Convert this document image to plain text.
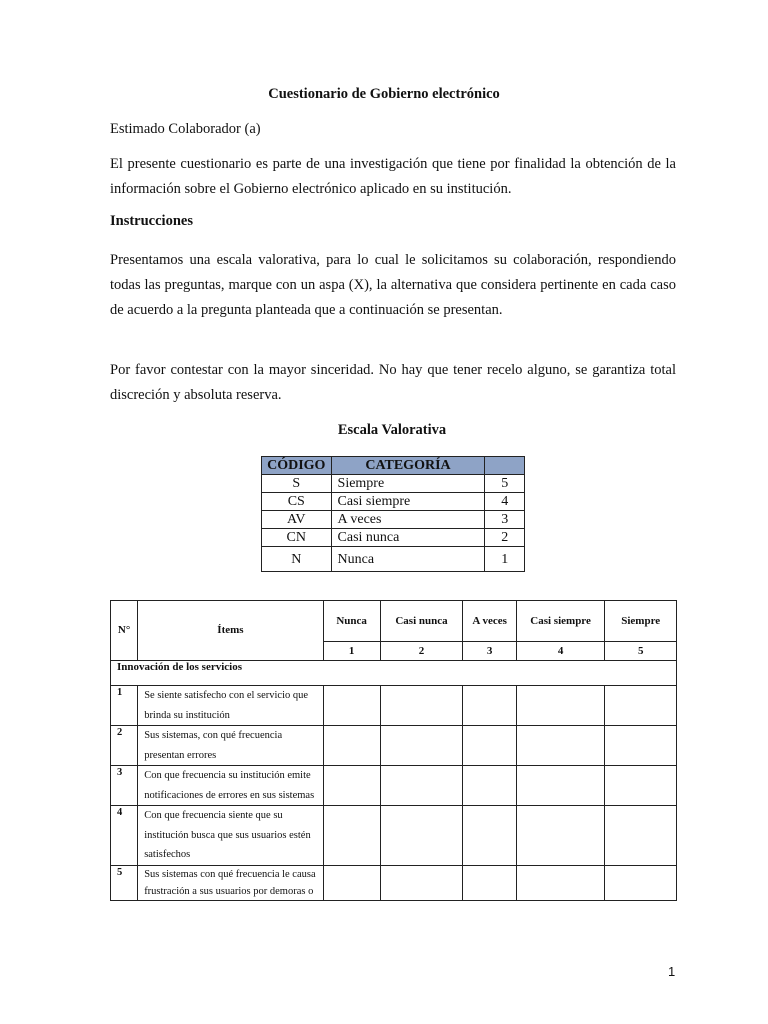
Cuestionario de Gobierno electrónico
Estimado Colaborador (a)
El presente cuestionario es parte de una investigación que tiene por finalidad la obtención de la información sobre el Gobierno electrónico aplicado en su institución.
Instrucciones
Presentamos una escala valorativa, para lo cual le solicitamos su colaboración, respondiendo todas las preguntas, marque con un aspa (X), la alternativa que considera pertinente en cada caso de acuerdo a la pregunta planteada que a continuación se presentan.
Por favor contestar con la mayor sinceridad. No hay que tener recelo alguno, se garantiza total discreción y absoluta reserva.
Escala Valorativa
CÓDIGO	CATEGORÍA	
S	Siempre	5
CS	Casi siempre	4
AV	A veces	3
CN	Casi nunca	2
N	Nunca	1
N°	Ítems	Nunca	Casi nunca	A veces	Casi siempre	Siempre
		1	2	3	4	5
Innovación de los servicios						
1	Se siente satisfecho con el servicio que brinda su institución					
2	Sus sistemas, con qué frecuencia presentan errores					
3	Con que frecuencia su institución emite notificaciones de errores en sus sistemas					
4	Con que frecuencia siente que su institución busca que sus usuarios estén satisfechos					
5	Sus sistemas con qué frecuencia le causa frustración a sus usuarios por demoras o					
1
